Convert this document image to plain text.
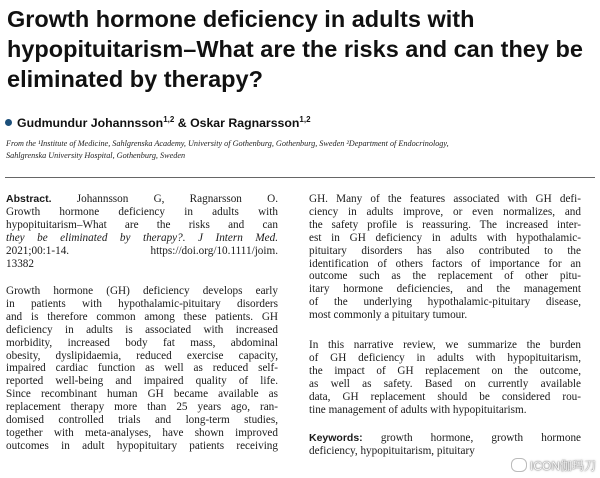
Growth hormone deficiency in adults with
hypopituitarism–What are the risks and can they be
eliminated by therapy?
Gudmundur Johannsson$^{1,2}$ & Oskar Ragnarsson$^{1,2}$
From the ¹Institute of Medicine, Sahlgrenska Academy, University of Gothenburg, Gothenburg, Sweden ²Department of Endocrinology,
Sahlgrenska University Hospital, Gothenburg, Sweden
Abstract. Johannsson G, Ragnarsson O.
Growth hormone deficiency in adults with
hypopituitarism–What are the risks and can
they be eliminated by therapy?. J Intern Med.
2021;00:1-14. https://doi.org/10.1111/joim.
13382
Growth hormone (GH) deficiency develops early
in patients with hypothalamic-pituitary disorders
and is therefore common among these patients. GH
deficiency in adults is associated with increased
morbidity, increased body fat mass, abdominal
obesity, dyslipidaemia, reduced exercise capacity,
impaired cardiac function as well as reduced self-
reported well-being and impaired quality of life.
Since recombinant human GH became available as
replacement therapy more than 25 years ago, ran-
domised controlled trials and long-term studies,
together with meta-analyses, have shown improved
outcomes in adult hypopituitary patients receiving
GH. Many of the features associated with GH defi-
ciency in adults improve, or even normalizes, and
the safety profile is reassuring. The increased inter-
est in GH deficiency in adults with hypothalamic-
pituitary disorders has also contributed to the
identification of others factors of importance for an
outcome such as the replacement of other pitu-
itary hormone deficiencies, and the management
of the underlying hypothalamic-pituitary disease,
most commonly a pituitary tumour.
In this narrative review, we summarize the burden
of GH deficiency in adults with hypopituitarism,
the impact of GH replacement on the outcome,
as well as safety. Based on currently available
data, GH replacement should be considered rou-
tine management of adults with hypopituitarism.
Keywords: growth hormone, growth hormone
deficiency, hypopituitarism, pituitary
ICON伽玛刀
